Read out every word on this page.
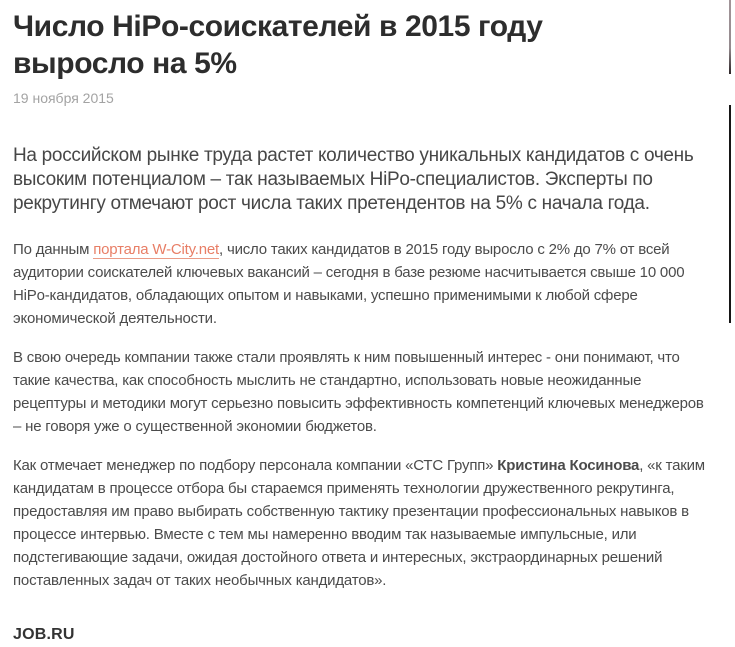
Число HiPo-соискателей в 2015 году
выросло на 5%
19 ноября 2015

На российском рынке труда растет количество уникальных кандидатов с очень высоким потенциалом – так называемых HiPo-специалистов. Эксперты по рекрутингу отмечают рост числа таких претендентов на 5% с начала года.

По данным портала W-City.net, число таких кандидатов в 2015 году выросло с 2% до 7% от всей аудитории соискателей ключевых вакансий – сегодня в базе резюме насчитывается свыше 10 000 HiPo-кандидатов, обладающих опытом и навыками, успешно применимыми к любой сфере экономической деятельности.

В свою очередь компании также стали проявлять к ним повышенный интерес - они понимают, что такие качества, как способность мыслить не стандартно, использовать новые неожиданные рецептуры и методики могут серьезно повысить эффективность компетенций ключевых менеджеров – не говоря уже о существенной экономии бюджетов.

Как отмечает менеджер по подбору персонала компании «СТС Групп» Кристина Косинова, «к таким кандидатам в процессе отбора бы стараемся применять технологии дружественного рекрутинга, предоставляя им право выбирать собственную тактику презентации профессиональных навыков в процессе интервью. Вместе с тем мы намеренно вводим так называемые импульсные, или подстегивающие задачи, ожидая достойного ответа и интересных, экстраординарных решений поставленных задач от таких необычных кандидатов».

JOB.RU
